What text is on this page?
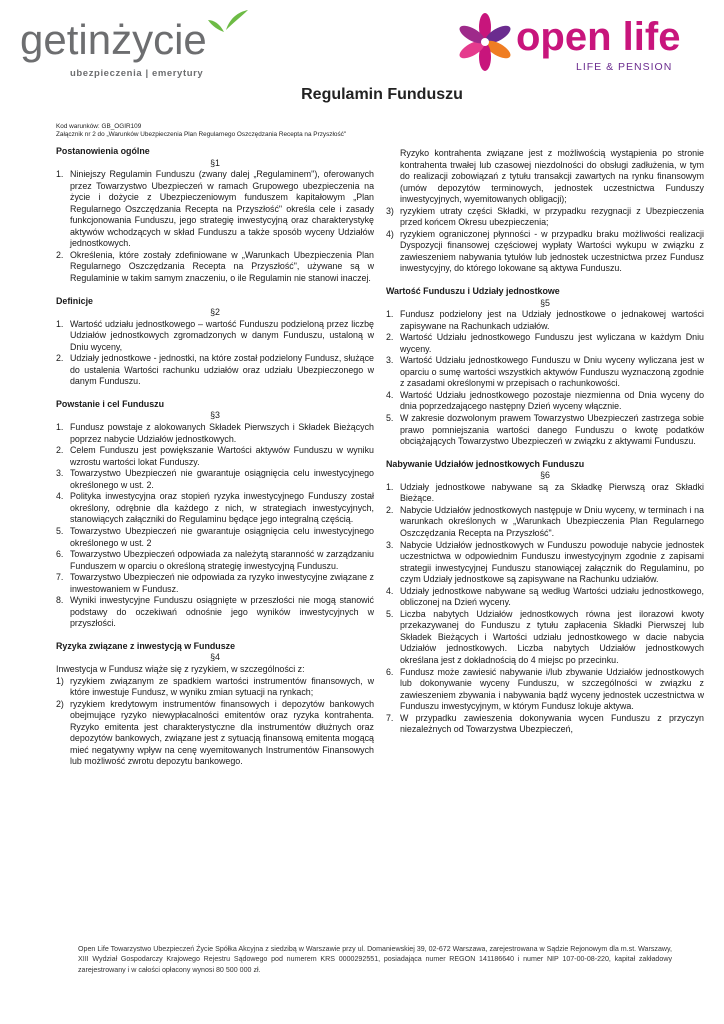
getinżycie
ubezpieczenia | emerytury
open life
LIFE & PENSION
Regulamin Funduszu
Kod warunków: GB_OGIR109
Załącznik nr 2 do „Warunków Ubezpieczenia Plan Regularnego Oszczędzania Recepta na Przyszłość"
Postanowienia ogólne
§1
1. Niniejszy Regulamin Funduszu (zwany dalej „Regulaminem"), oferowanych przez Towarzystwo Ubezpieczeń w ramach Grupowego ubezpieczenia na życie i dożycie z Ubezpieczeniowym funduszem kapitałowym „Plan Regularnego Oszczędzania Recepta na Przyszłość" określa cele i zasady funkcjonowania Funduszu, jego strategię inwestycyjną oraz charakterystykę aktywów wchodzących w skład Funduszu a także sposób wyceny Udziałów jednostkowych.
2. Określenia, które zostały zdefiniowane w „Warunkach Ubezpieczenia Plan Regularnego Oszczędzania Recepta na Przyszłość", używane są w Regulaminie w takim samym znaczeniu, o ile Regulamin nie stanowi inaczej.
Definicje
§2
1. Wartość udziału jednostkowego – wartość Funduszu podzieloną przez liczbę Udziałów jednostkowych zgromadzonych w danym Funduszu, ustaloną w Dniu wyceny,
2. Udziały jednostkowe - jednostki, na które został podzielony Fundusz, służące do ustalenia Wartości rachunku udziałów oraz udziału Ubezpieczonego w danym Funduszu.
Powstanie i cel Funduszu
§3
1. Fundusz powstaje z alokowanych Składek Pierwszych i Składek Bieżących poprzez nabycie Udziałów jednostkowych.
2. Celem Funduszu jest powiększanie Wartości aktywów Funduszu w wyniku wzrostu wartości lokat Funduszy.
3. Towarzystwo Ubezpieczeń nie gwarantuje osiągnięcia celu inwestycyjnego określonego w ust. 2.
4. Polityka inwestycyjna oraz stopień ryzyka inwestycyjnego Funduszy został określony, odrębnie dla każdego z nich, w strategiach inwestycyjnych, stanowiących załączniki do Regulaminu będące jego integralną częścią.
5. Towarzystwo Ubezpieczeń nie gwarantuje osiągnięcia celu inwestycyjnego określonego w ust. 2
6. Towarzystwo Ubezpieczeń odpowiada za należytą staranność w zarządzaniu Funduszem w oparciu o określoną strategię inwestycyjną Funduszu.
7. Towarzystwo Ubezpieczeń nie odpowiada za ryzyko inwestycyjne związane z inwestowaniem w Fundusz.
8. Wyniki inwestycyjne Funduszu osiągnięte w przeszłości nie mogą stanowić podstawy do oczekiwań odnośnie jego wyników inwestycyjnych w przyszłości.
Ryzyka związane z inwestycją w Fundusze
§4
Inwestycja w Fundusz wiąże się z ryzykiem, w szczególności z:
1) ryzykiem związanym ze spadkiem wartości instrumentów finansowych, w które inwestuje Fundusz, w wyniku zmian sytuacji na rynkach;
2) ryzykiem kredytowym instrumentów finansowych i depozytów bankowych obejmujące ryzyko niewypłacalności emitentów oraz ryzyka kontrahenta. Ryzyko emitenta jest charakterystyczne dla instrumentów dłużnych oraz depozytów bankowych, związane jest z sytuacją finansową emitenta mogącą mieć negatywny wpływ na cenę wyemitowanych Instrumentów Finansowych lub możliwość zwrotu depozytu bankowego.
Ryzyko kontrahenta związane jest z możliwością wystąpienia po stronie kontrahenta trwałej lub czasowej niezdolności do obsługi zadłużenia, w tym do realizacji zobowiązań z tytułu transakcji zawartych na rynku finansowym (umów depozytów terminowych, jednostek uczestnictwa Funduszy inwestycyjnych, wyemitowanych obligacji);
3) ryzykiem utraty części Składki, w przypadku rezygnacji z Ubezpieczenia przed końcem Okresu ubezpieczenia;
4) ryzykiem ograniczonej płynności - w przypadku braku możliwości realizacji Dyspozycji finansowej częściowej wypłaty Wartości wykupu w związku z zawieszeniem nabywania tytułów lub jednostek uczestnictwa przez Fundusz inwestycyjny, do którego lokowane są aktywa Funduszu.
Wartość Funduszu i Udziały jednostkowe
§5
1. Fundusz podzielony jest na Udziały jednostkowe o jednakowej wartości zapisywane na Rachunkach udziałów.
2. Wartość Udziału jednostkowego Funduszu jest wyliczana w każdym Dniu wyceny.
3. Wartość Udziału jednostkowego Funduszu w Dniu wyceny wyliczana jest w oparciu o sumę wartości wszystkich aktywów Funduszu wyznaczoną zgodnie z zasadami określonymi w przepisach o rachunkowości.
4. Wartość Udziału jednostkowego pozostaje niezmienna od Dnia wyceny do dnia poprzedzającego następny Dzień wyceny włącznie.
5. W zakresie dozwolonym prawem Towarzystwo Ubezpieczeń zastrzega sobie prawo pomniejszania wartości danego Funduszu o kwotę podatków obciążających Towarzystwo Ubezpieczeń w związku z aktywami Funduszu.
Nabywanie Udziałów jednostkowych Funduszu
§6
1. Udziały jednostkowe nabywane są za Składkę Pierwszą oraz Składki Bieżące.
2. Nabycie Udziałów jednostkowych następuje w Dniu wyceny, w terminach i na warunkach określonych w „Warunkach Ubezpieczenia Plan Regularnego Oszczędzania Recepta na Przyszłość".
3. Nabycie Udziałów jednostkowych w Funduszu powoduje nabycie jednostek uczestnictwa w odpowiednim Funduszu inwestycyjnym zgodnie z zapisami strategii inwestycyjnej Funduszu stanowiącej załącznik do Regulaminu, po czym Udziały jednostkowe są zapisywane na Rachunku udziałów.
4. Udziały jednostkowe nabywane są według Wartości udziału jednostkowego, obliczonej na Dzień wyceny.
5. Liczba nabytych Udziałów jednostkowych równa jest ilorazowi kwoty przekazywanej do Funduszu z tytułu zapłacenia Składki Pierwszej lub Składek Bieżących i Wartości udziału jednostkowego w dacie nabycia Udziałów jednostkowych. Liczba nabytych Udziałów jednostkowych określana jest z dokładnością do 4 miejsc po przecinku.
6. Fundusz może zawiesić nabywanie i/lub zbywanie Udziałów jednostkowych lub dokonywanie wyceny Funduszu, w szczególności w związku z zawieszeniem zbywania i nabywania bądź wyceny jednostek uczestnictwa w Funduszu inwestycyjnym, w którym Fundusz lokuje aktywa.
7. W przypadku zawieszenia dokonywania wycen Funduszu z przyczyn niezależnych od Towarzystwa Ubezpieczeń,
Open Life Towarzystwo Ubezpieczeń Życie Spółka Akcyjna z siedzibą w Warszawie przy ul. Domaniewskiej 39, 02-672 Warszawa, zarejestrowana w Sądzie Rejonowym dla m.st. Warszawy, XIII Wydział Gospodarczy Krajowego Rejestru Sądowego pod numerem KRS 0000292551, posiadająca numer REGON 141186640 i numer NIP 107-00-08-220, kapitał zakładowy zarejestrowany i w całości opłacony wynosi 80 500 000 zł.
